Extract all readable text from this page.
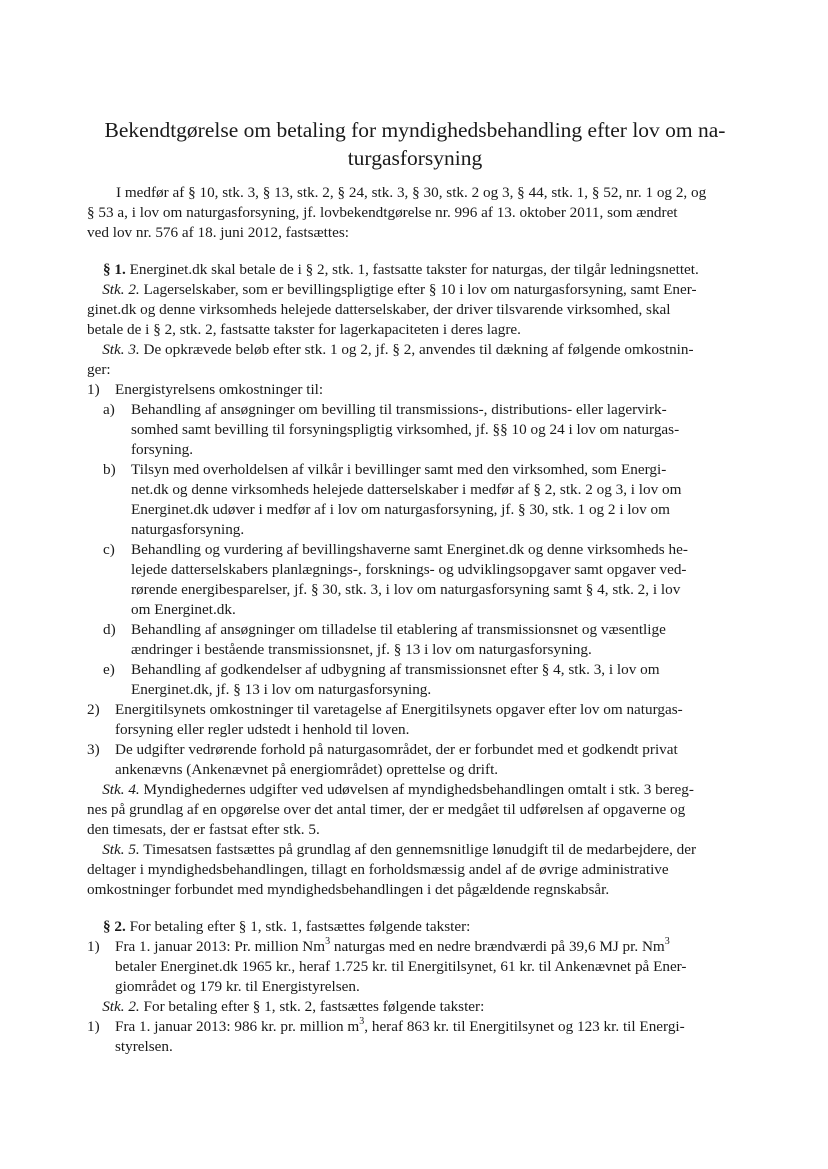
Bekendtgørelse om betaling for myndighedsbehandling efter lov om na-
turgasforsyning
I medfør af § 10, stk. 3, § 13, stk. 2, § 24, stk. 3, § 30, stk. 2 og 3, § 44, stk. 1, § 52, nr. 1 og 2, og
§ 53 a, i lov om naturgasforsyning, jf. lovbekendtgørelse nr. 996 af 13. oktober 2011, som ændret
ved lov nr. 576 af 18. juni 2012, fastsættes:
§ 1. Energinet.dk skal betale de i § 2, stk. 1, fastsatte takster for naturgas, der tilgår ledningsnettet.
Stk. 2. Lagerselskaber, som er bevillingspligtige efter § 10 i lov om naturgasforsyning, samt Ener-
ginet.dk og denne virksomheds helejede datterselskaber, der driver tilsvarende virksomhed, skal
betale de i § 2, stk. 2, fastsatte takster for lagerkapaciteten i deres lagre.
Stk. 3. De opkrævede beløb efter stk. 1 og 2, jf. § 2, anvendes til dækning af følgende omkostnin-
ger:
1) Energistyrelsens omkostninger til:
a) Behandling af ansøgninger om bevilling til transmissions-, distributions- eller lagervirk-
somhed samt bevilling til forsyningspligtig virksomhed, jf. §§ 10 og 24 i lov om naturgas-
forsyning.
b) Tilsyn med overholdelsen af vilkår i bevillinger samt med den virksomhed, som Energi-
net.dk og denne virksomheds helejede datterselskaber i medfør af § 2, stk. 2 og 3, i lov om
Energinet.dk udøver i medfør af i lov om naturgasforsyning, jf. § 30, stk. 1 og 2 i lov om
naturgasforsyning.
c) Behandling og vurdering af bevillingshaverne samt Energinet.dk og denne virksomheds he-
lejede datterselskabers planlægnings-, forsknings- og udviklingsopgaver samt opgaver ved-
rørende energibesparelser, jf. § 30, stk. 3, i lov om naturgasforsyning samt § 4, stk. 2, i lov
om Energinet.dk.
d) Behandling af ansøgninger om tilladelse til etablering af transmissionsnet og væsentlige
ændringer i bestående transmissionsnet, jf. § 13 i lov om naturgasforsyning.
e) Behandling af godkendelser af udbygning af transmissionsnet efter § 4, stk. 3, i lov om
Energinet.dk, jf. § 13 i lov om naturgasforsyning.
2) Energitilsynets omkostninger til varetagelse af Energitilsynets opgaver efter lov om naturgas-
forsyning eller regler udstedt i henhold til loven.
3) De udgifter vedrørende forhold på naturgasområdet, der er forbundet med et godkendt privat
ankenævns (Ankenævnet på energiområdet) oprettelse og drift.
Stk. 4. Myndighedernes udgifter ved udøvelsen af myndighedsbehandlingen omtalt i stk. 3 bereg-
nes på grundlag af en opgørelse over det antal timer, der er medgået til udførelsen af opgaverne og
den timesats, der er fastsat efter stk. 5.
Stk. 5. Timesatsen fastsættes på grundlag af den gennemsnitlige lønudgift til de medarbejdere, der
deltager i myndighedsbehandlingen, tillagt en forholdsmæssig andel af de øvrige administrative
omkostninger forbundet med myndighedsbehandlingen i det pågældende regnskabsår.
§ 2. For betaling efter § 1, stk. 1, fastsættes følgende takster:
1) Fra 1. januar 2013: Pr. million Nm$^3$ naturgas med en nedre brændværdi på 39,6 MJ pr. Nm$^3$
betaler Energinet.dk 1965 kr., heraf 1.725 kr. til Energitilsynet, 61 kr. til Ankenævnet på Ener-
giområdet og 179 kr. til Energistyrelsen.
Stk. 2. For betaling efter § 1, stk. 2, fastsættes følgende takster:
1) Fra 1. januar 2013: 986 kr. pr. million $m^3$, heraf 863 kr. til Energitilsynet og 123 kr. til Energi-
styrelsen.
